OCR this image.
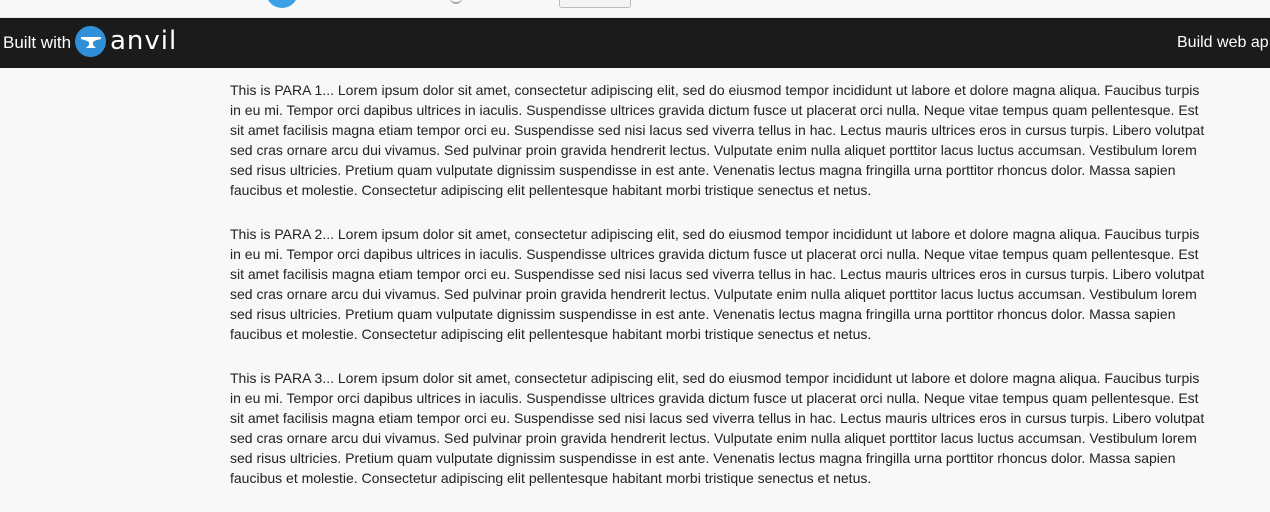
Built with anvil	Build web ap

This is PARA 1... Lorem ipsum dolor sit amet, consectetur adipiscing elit, sed do eiusmod tempor incididunt ut labore et dolore magna aliqua. Faucibus turpis in eu mi. Tempor orci dapibus ultrices in iaculis. Suspendisse ultrices gravida dictum fusce ut placerat orci nulla. Neque vitae tempus quam pellentesque. Est sit amet facilisis magna etiam tempor orci eu. Suspendisse sed nisi lacus sed viverra tellus in hac. Lectus mauris ultrices eros in cursus turpis. Libero volutpat sed cras ornare arcu dui vivamus. Sed pulvinar proin gravida hendrerit lectus. Vulputate enim nulla aliquet porttitor lacus luctus accumsan. Vestibulum lorem sed risus ultricies. Pretium quam vulputate dignissim suspendisse in est ante. Venenatis lectus magna fringilla urna porttitor rhoncus dolor. Massa sapien faucibus et molestie. Consectetur adipiscing elit pellentesque habitant morbi tristique senectus et netus.

This is PARA 2... Lorem ipsum dolor sit amet, consectetur adipiscing elit, sed do eiusmod tempor incididunt ut labore et dolore magna aliqua. Faucibus turpis in eu mi. Tempor orci dapibus ultrices in iaculis. Suspendisse ultrices gravida dictum fusce ut placerat orci nulla. Neque vitae tempus quam pellentesque. Est sit amet facilisis magna etiam tempor orci eu. Suspendisse sed nisi lacus sed viverra tellus in hac. Lectus mauris ultrices eros in cursus turpis. Libero volutpat sed cras ornare arcu dui vivamus. Sed pulvinar proin gravida hendrerit lectus. Vulputate enim nulla aliquet porttitor lacus luctus accumsan. Vestibulum lorem sed risus ultricies. Pretium quam vulputate dignissim suspendisse in est ante. Venenatis lectus magna fringilla urna porttitor rhoncus dolor. Massa sapien faucibus et molestie. Consectetur adipiscing elit pellentesque habitant morbi tristique senectus et netus.

This is PARA 3... Lorem ipsum dolor sit amet, consectetur adipiscing elit, sed do eiusmod tempor incididunt ut labore et dolore magna aliqua. Faucibus turpis in eu mi. Tempor orci dapibus ultrices in iaculis. Suspendisse ultrices gravida dictum fusce ut placerat orci nulla. Neque vitae tempus quam pellentesque. Est sit amet facilisis magna etiam tempor orci eu. Suspendisse sed nisi lacus sed viverra tellus in hac. Lectus mauris ultrices eros in cursus turpis. Libero volutpat sed cras ornare arcu dui vivamus. Sed pulvinar proin gravida hendrerit lectus. Vulputate enim nulla aliquet porttitor lacus luctus accumsan. Vestibulum lorem sed risus ultricies. Pretium quam vulputate dignissim suspendisse in est ante. Venenatis lectus magna fringilla urna porttitor rhoncus dolor. Massa sapien faucibus et molestie. Consectetur adipiscing elit pellentesque habitant morbi tristique senectus et netus.
